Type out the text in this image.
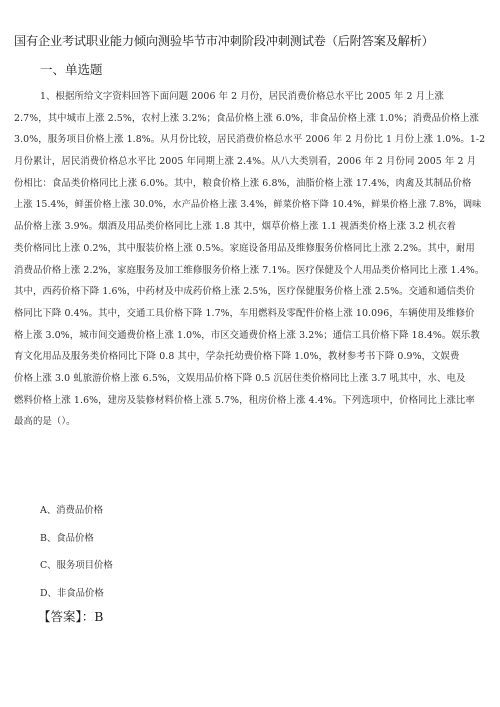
国有企业考试职业能力倾向测验毕节市冲刺阶段冲刺测试卷（后附答案及解析）
一、单选题
1、根据所给文字资料回答下面问题 2006 年 2 月份，居民消费价格总水平比 2005 年 2 月上涨
2.7%，其中城市上涨 2.5%，农村上涨 3.2%；食品价格上涨 6.0%，非食品价格上涨 1.0%；消费品价格上涨
3.0%，服务项目价格上涨 1.8%。从月份比较，居民消费价格总水平 2006 年 2 月份比 1 月份上涨 1.0%。1-2
月份累计，居民消费价格总水平比 2005 年同期上涨 2.4%。从八大类别看，2006 年 2 月份同 2005 年 2 月
份相比：食品类价格同比上涨 6.0%。其中，粮食价格上涨 6.8%，油脂价格上涨 17.4%，肉禽及其制品价格
上涨 15.4%，鲜蛋价格上涨 30.0%，水产品价格上涨 3.4%，鲜菜价格下降 10.4%，鲜果价格上涨 7.8%，调味
品价格上涨 3.9%。烟酒及用品类价格同比上涨 1.8 其中，烟草价格上涨 1.1 视酒类价格上涨 3.2 机衣着
类价格同比上涨 0.2%，其中服装价格上涨 0.5%。家庭设备用品及维修服务价格同比上涨 2.2%。其中，耐用
消费品价格上涨 2.2%，家庭服务及加工维修服务价格上涨 7.1%。医疗保健及个人用品类价格同比上涨 1.4%。
其中，西药价格下降 1.6%，中药材及中成药价格上涨 2.5%，医疗保健服务价格上涨 2.5%。交通和通信类价
格同比下降 0.4%。其中，交通工具价格下降 1.7%，车用燃料及零配件价格上涨 10.096，车辆使用及维修价
格上涨 3.0%，城市间交通费价格上涨 1.0%，市区交通费价格上涨 3.2%；通信工具价格下降 18.4%。娱乐教
育文化用品及服务类价格同比下降 0.8 其中，学杂托幼费价格下降 1.0%，教材参考书下降 0.9%，文娱费
价格上涨 3.0 虬旅游价格上涨 6.5%，文娱用品价格下降 0.5 沉居住类价格同比上涨 3.7 吼其中，水、电及
燃料价格上涨 1.6%，建房及装修材料价格上涨 5.7%，租房价格上涨 4.4%。下列选项中，价格同比上涨比率
最高的是（）。
A、消费品价格
B、食品价格
C、服务项目价格
D、非食品价格
【答案】：B
